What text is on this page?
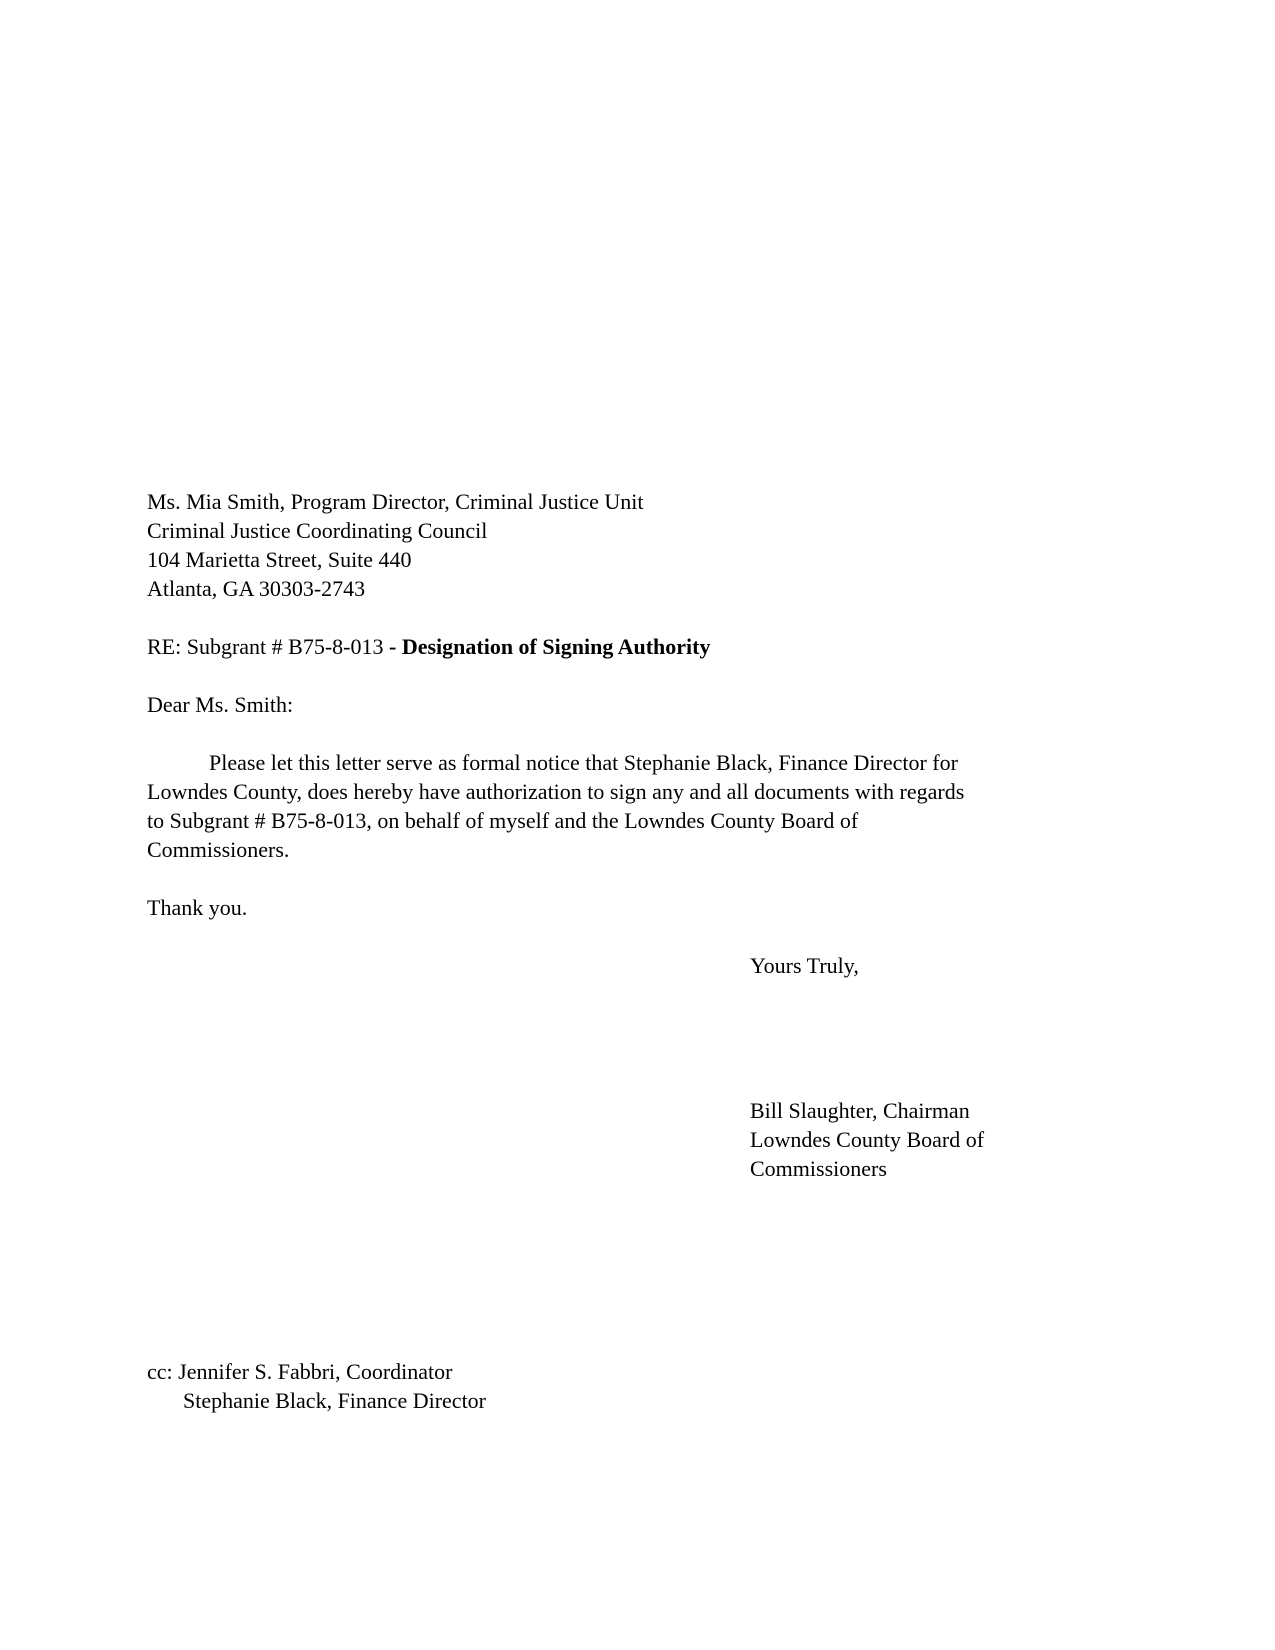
Ms. Mia Smith, Program Director, Criminal Justice Unit
Criminal Justice Coordinating Council
104 Marietta Street, Suite 440
Atlanta, GA 30303-2743
RE: Subgrant # B75-8-013 - Designation of Signing Authority
Dear Ms. Smith:
Please let this letter serve as formal notice that Stephanie Black, Finance Director for
Lowndes County, does hereby have authorization to sign any and all documents with regards
to Subgrant # B75-8-013, on behalf of myself and the Lowndes County Board of
Commissioners.
Thank you.
Yours Truly,
Bill Slaughter, Chairman
Lowndes County Board of
Commissioners
cc: Jennifer S. Fabbri, Coordinator
Stephanie Black, Finance Director
